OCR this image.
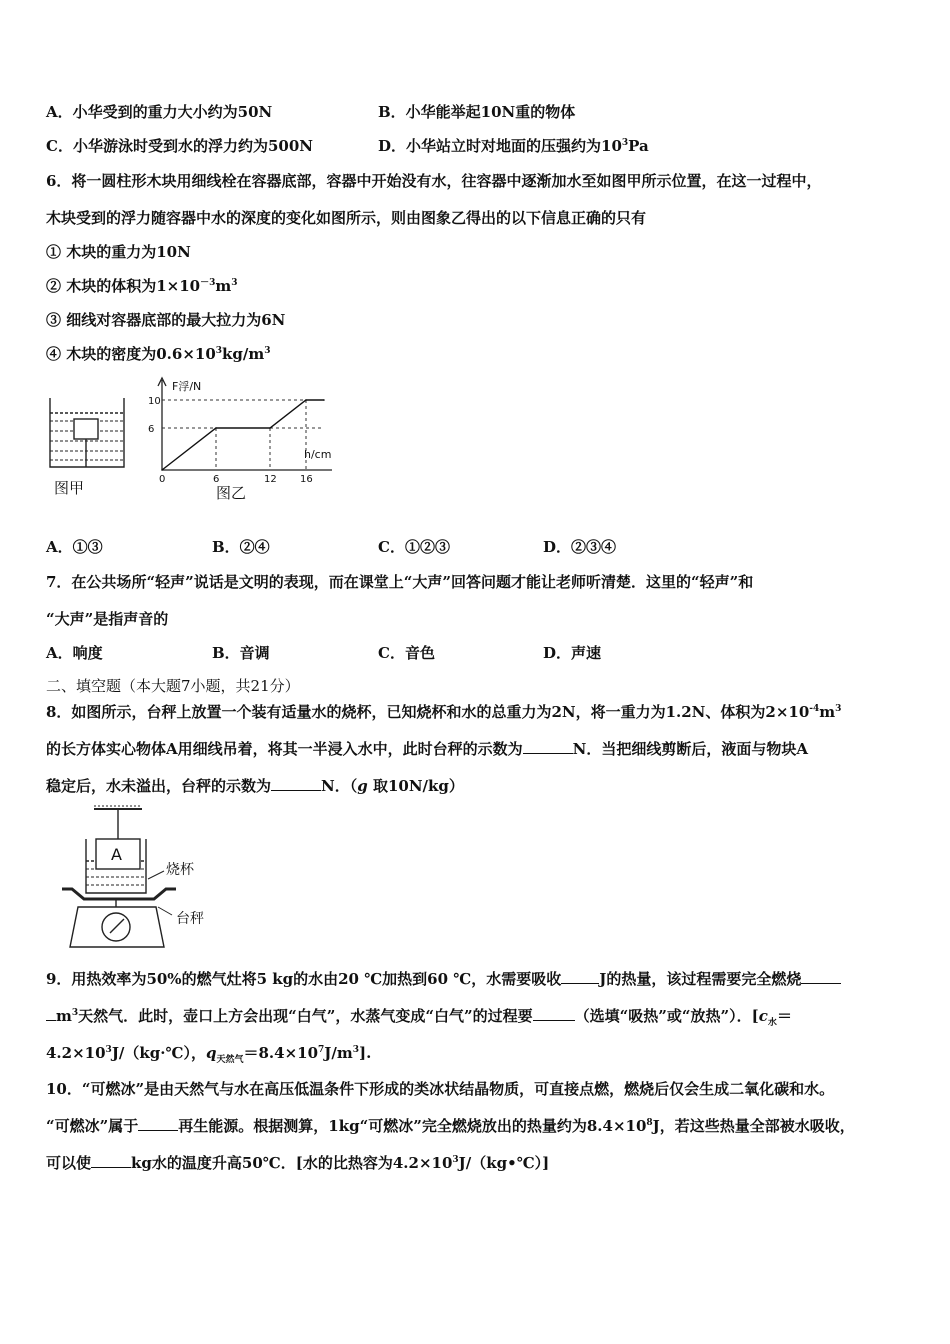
A．小华受到的重力大小约为50N	B．小华能举起10N重的物体
C．小华游泳时受到水的浮力约为500N	D．小华站立时对地面的压强约为$10^3Pa$
6．将一圆柱形木块用细线栓在容器底部，容器中开始没有水，往容器中逐渐加水至如图甲所示位置，在这一过程中，
木块受到的浮力随容器中水的深度的变化如图所示，则由图象乙得出的以下信息正确的只有
① 木块的重力为10N
② 木块的体积为$1\times 10^{-3}m^3$
③ 细线对容器底部的最大拉力为6N
④ 木块的密度为$0.6\times 10^3kg/m^3$
图甲
F浮/N
h/cm
6
10
0	6	12 16
图乙
A．①③	B．②④	C．①②③	D．②③④
7．在公共场所“轻声”说话是文明的表现，而在课堂上“大声”回答问题才能让老师听清楚．这里的“轻声”和
“大声”是指声音的
A．响度	B．音调	C．音色	D．声速
二、填空题（本大题7小题，共21分）
8．如图所示，台秤上放置一个装有适量水的烧杯，已知烧杯和水的总重力为2N，将一重力为1.2N、体积为$2\times 10^{-4}m^3$
的长方体实心物体A用细线吊着，将其一半浸入水中，此时台秤的示数为	N．当把细线剪断后，液面与物块A
稳定后，水未溢出，台秤的示数为	N．（g 取10N/kg）
A
烧杯
台秤
9．用热效率为50%的燃气灶将5 kg的水由20 ℃加热到60 ℃，水需要吸收	J的热量，该过程需要完全燃烧
$m^3$天然气．此时，壶口上方会出现“白气”，水蒸气变成“白气”的过程要	（选填“吸热”或“放热”）．[$c_水=$
$4.2\times 10^3J/(kg\cdot℃)$，$q_{天然气}=8.4\times 10^7J/m^3$].
10．“可燃冰”是由天然气与水在高压低温条件下形成的类冰状结晶物质，可直接点燃，燃烧后仅会生成二氧化碳和水。
“可燃冰”属于	再生能源。根据测算，1kg“可燃冰”完全燃烧放出的热量约为$8.4\times 10^8J$，若这些热量全部被水吸收，
可以使	kg水的温度升高50℃．[水的比热容为$4.2\times 10^3J/(kg•℃)$]
